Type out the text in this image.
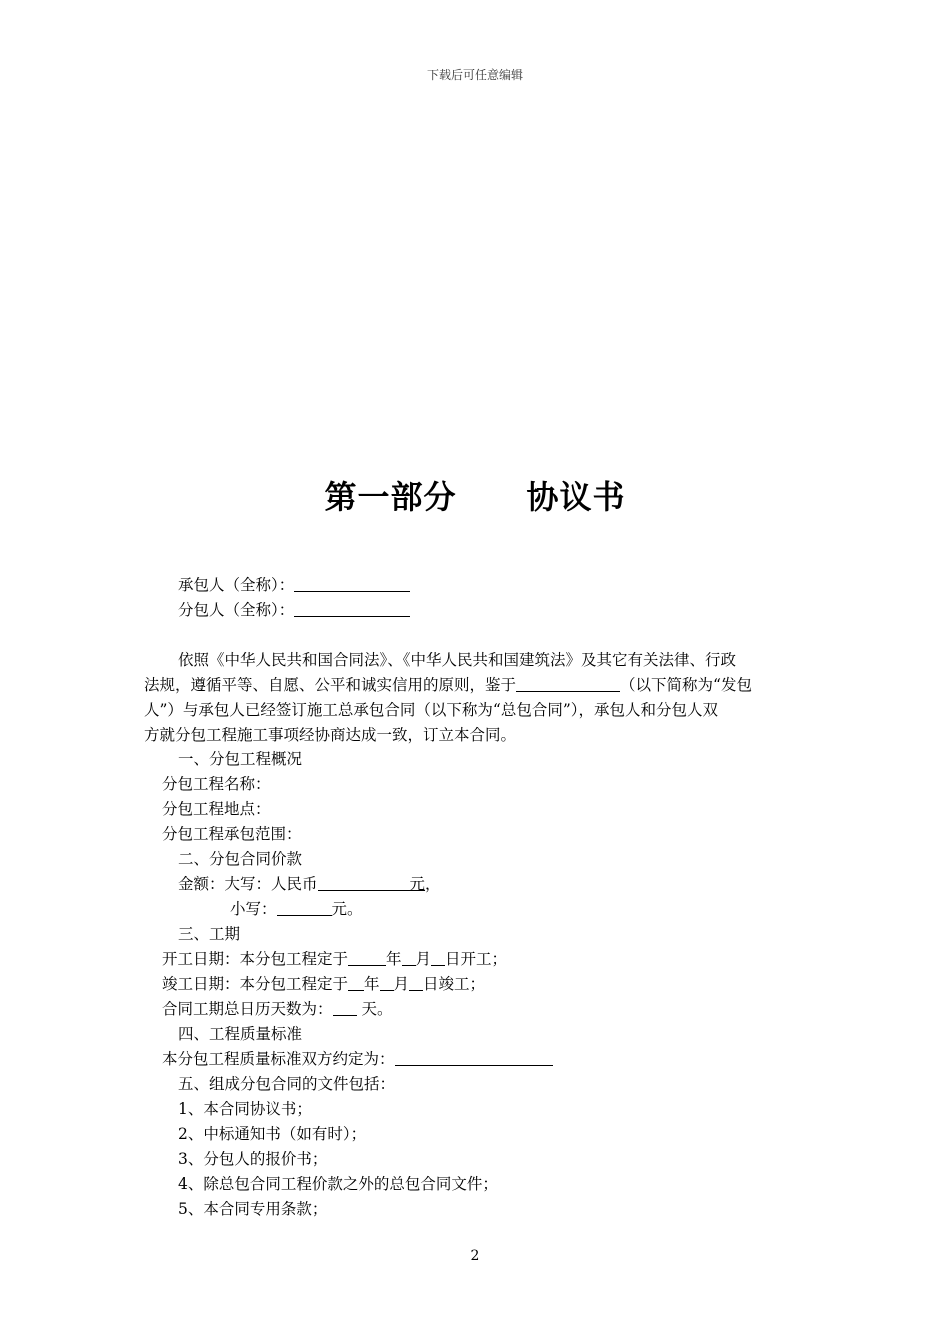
下载后可任意编辑
第一部分 协议书
承包人（全称）：
分包人（全称）：
依照《中华人民共和国合同法》、《中华人民共和国建筑法》及其它有关法律、行政
法规，遵循平等、自愿、公平和诚实信用的原则，鉴于	（以下简称为“发包
人”）与承包人已经签订施工总承包合同（以下称为“总包合同”），承包人和分包人双
方就分包工程施工事项经协商达成一致，订立本合同。
一、分包工程概况
分包工程名称：
分包工程地点：
分包工程承包范围：
二、分包合同价款
金额：大写：人民币	元，
小写：	元。
三、工期
开工日期：本分包工程定于 年 月 日开工；
竣工日期：本分包工程定于 年 月 日竣工；
合同工期总日历天数为： 天。
四、工程质量标准
本分包工程质量标准双方约定为：
五、组成分包合同的文件包括：
1、本合同协议书；
2、中标通知书（如有时）；
3、分包人的报价书；
4、除总包合同工程价款之外的总包合同文件；
5、本合同专用条款；
2
